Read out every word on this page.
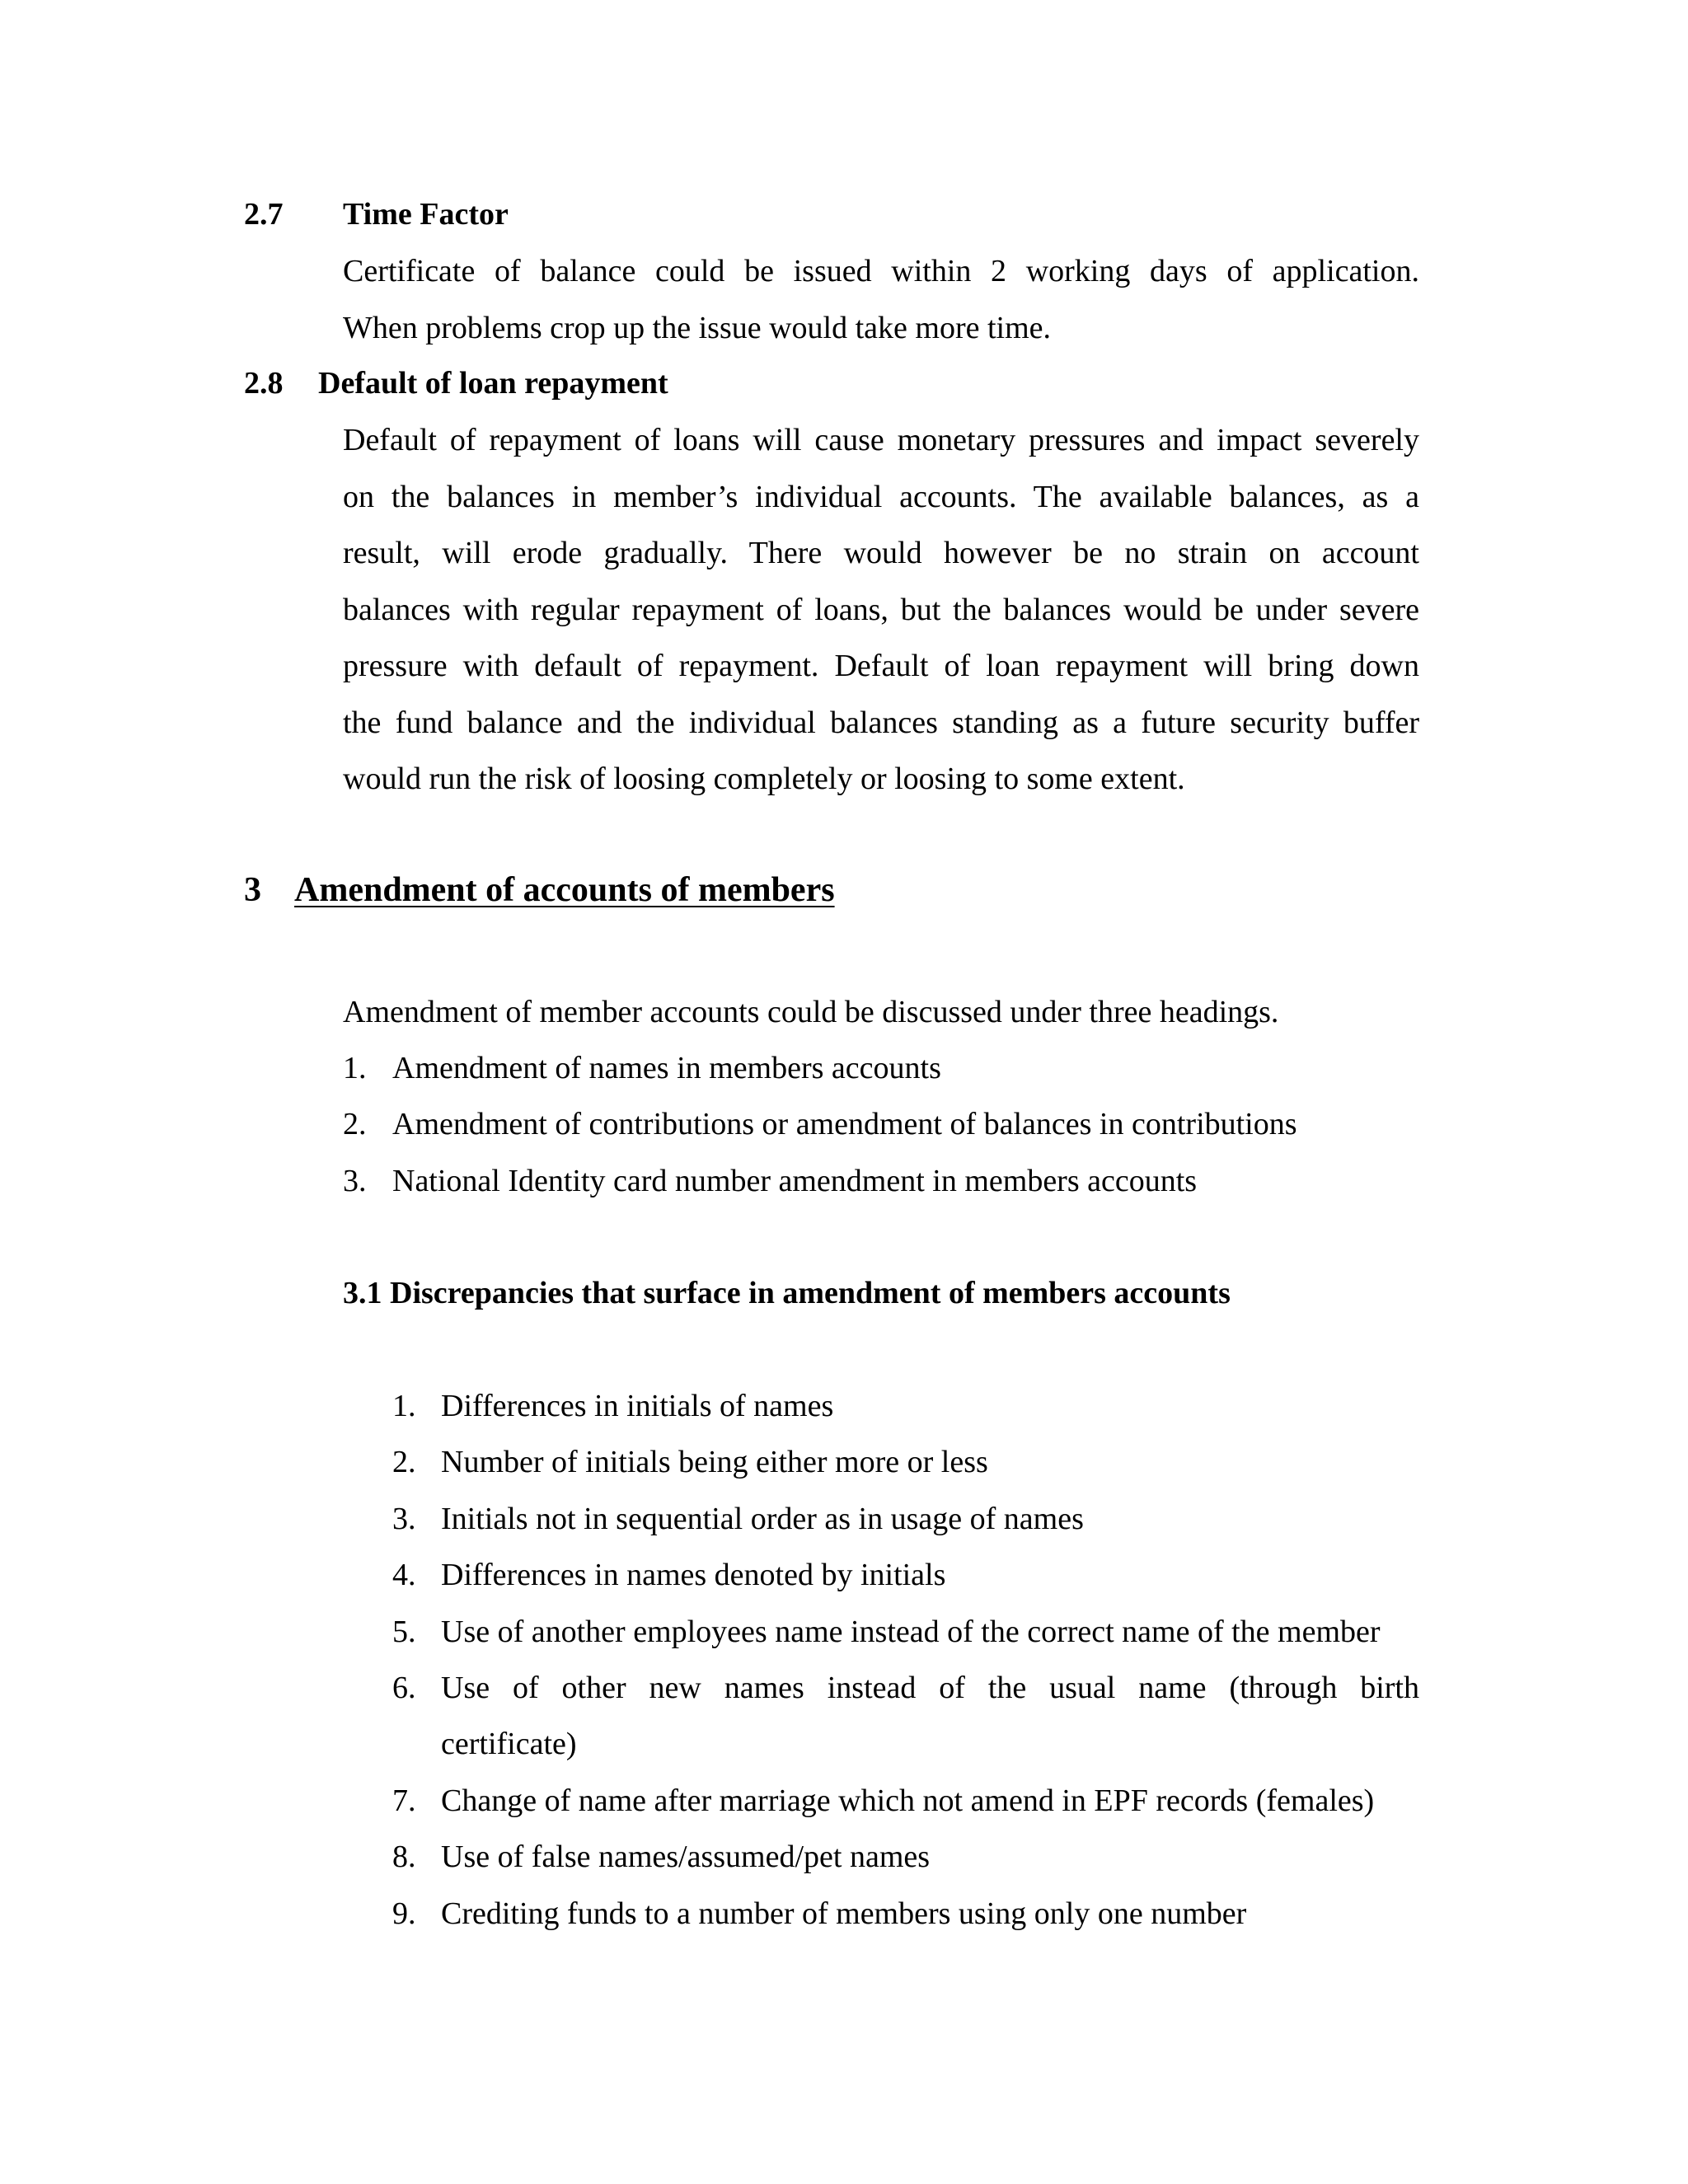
2.7 Time Factor
Certificate of balance could be issued within 2 working days of application.
When problems crop up the issue would take more time.
2.8 Default of loan repayment
Default of repayment of loans will cause monetary pressures and impact severely
on the balances in member’s individual accounts. The available balances, as a
result, will erode gradually. There would however be no strain on account
balances with regular repayment of loans, but the balances would be under severe
pressure with default of repayment. Default of loan repayment will bring down
the fund balance and the individual balances standing as a future security buffer
would run the risk of loosing completely or loosing to some extent.
3 Amendment of accounts of members
Amendment of member accounts could be discussed under three headings.
1. Amendment of names in members accounts
2. Amendment of contributions or amendment of balances in contributions
3. National Identity card number amendment in members accounts
3.1 Discrepancies that surface in amendment of members accounts
1. Differences in initials of names
2. Number of initials being either more or less
3. Initials not in sequential order as in usage of names
4. Differences in names denoted by initials
5. Use of another employees name instead of the correct name of the member
6. Use of other new names instead of the usual name (through birth
certificate)
7. Change of name after marriage which not amend in EPF records (females)
8. Use of false names/assumed/pet names
9. Crediting funds to a number of members using only one number
